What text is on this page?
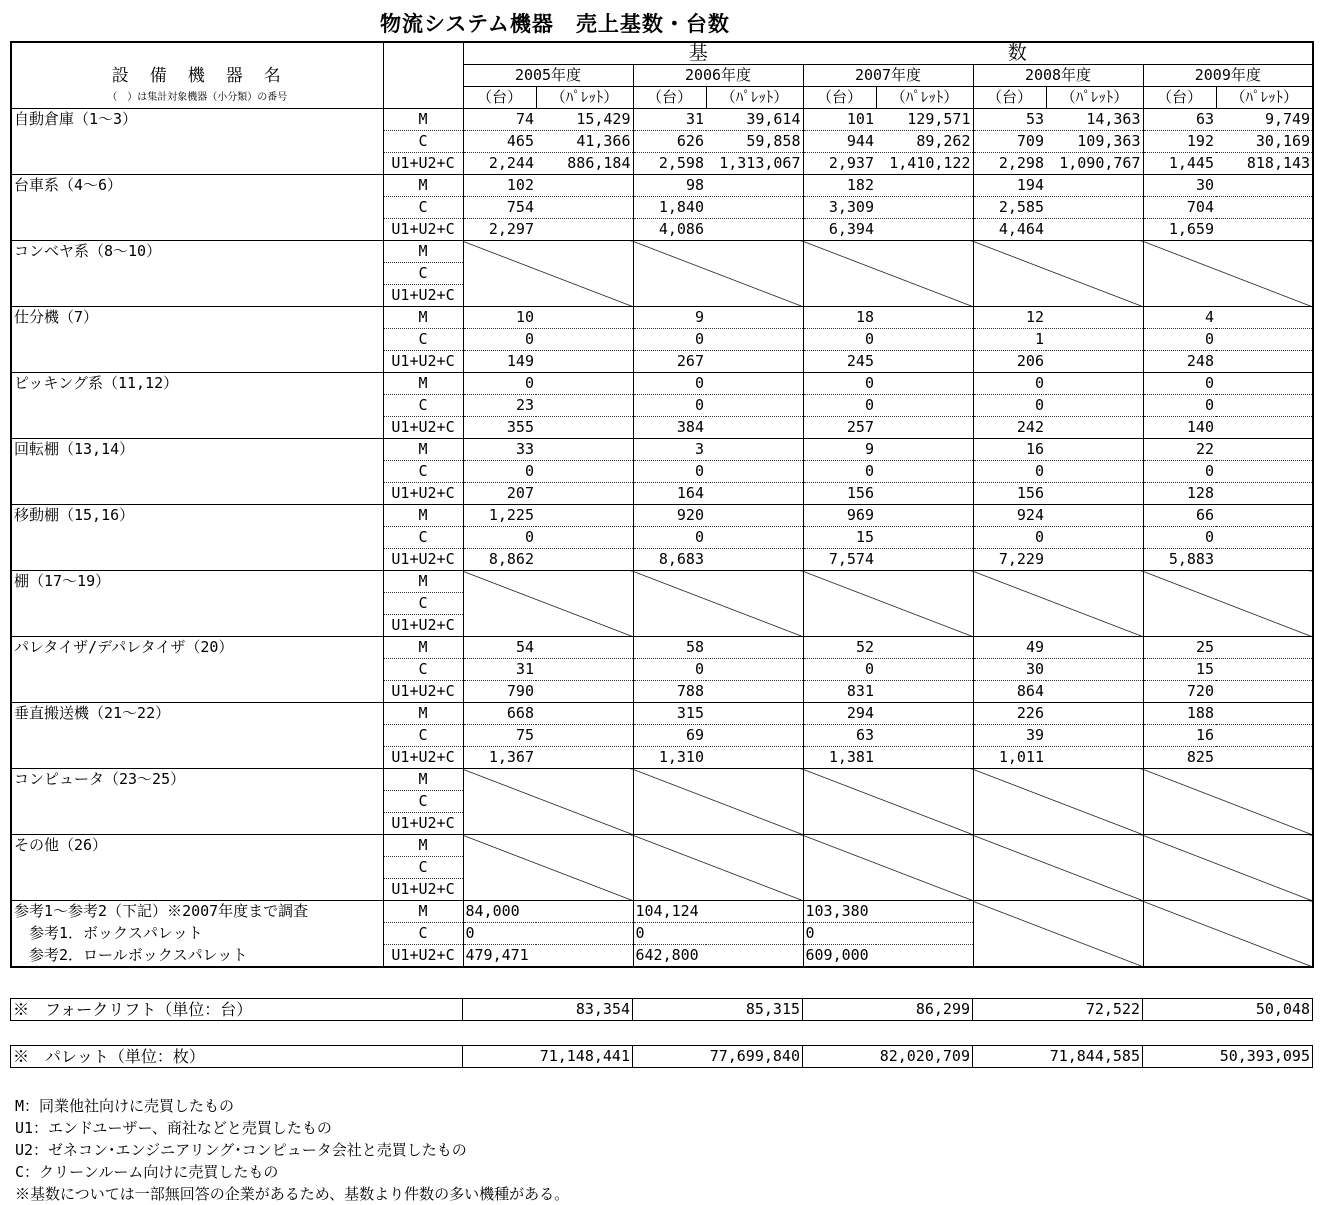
物流システム機器　売上基数・台数
設　備　機　器　名		基 数									
		2005年度		2006年度		2007年度		2008年度		2009年度	
（　）は集計対象機器（小分類）の番号		（台）	（ﾊﾟﾚｯﾄ）	（台）	（ﾊﾟﾚｯﾄ）	（台）	（ﾊﾟﾚｯﾄ）	（台）	（ﾊﾟﾚｯﾄ）	（台）	（ﾊﾟﾚｯﾄ）
自動倉庫（1～3）	M	74	15,429	31	39,614	101	129,571	53	14,363	63	9,749
	C	465	41,366	626	59,858	944	89,262	709	109,363	192	30,169
	U1+U2+C	2,244	886,184	2,598	1,313,067	2,937	1,410,122	2,298	1,090,767	1,445	818,143
台車系（4～6）	M	102		98		182		194		30	
	C	754		1,840		3,309		2,585		704	
	U1+U2+C	2,297		4,086		6,394		4,464		1,659	
コンベヤ系（8～10）	M										
	C										
	U1+U2+C										
仕分機（7）	M	10		9		18		12		4	
	C	0		0		0		1		0	
	U1+U2+C	149		267		245		206		248	
ピッキング系（11,12）	M	0		0		0		0		0	
	C	23		0		0		0		0	
	U1+U2+C	355		384		257		242		140	
回転棚（13,14）	M	33		3		9		16		22	
	C	0		0		0		0		0	
	U1+U2+C	207		164		156		156		128	
移動棚（15,16）	M	1,225		920		969		924		66	
	C	0		0		15		0		0	
	U1+U2+C	8,862		8,683		7,574		7,229		5,883	
棚（17～19）	M										
	C										
	U1+U2+C										
パレタイザ/デパレタイザ（20）	M	54		58		52		49		25	
	C	31		0		0		30		15	
	U1+U2+C	790		788		831		864		720	
垂直搬送機（21～22）	M	668		315		294		226		188	
	C	75		69		63		39		16	
	U1+U2+C	1,367		1,310		1,381		1,011		825	
コンピュータ（23～25）	M										
	C										
	U1+U2+C										
その他（26）	M										
	C										
	U1+U2+C										
参考1～参考2（下記）※2007年度まで調査	M	84,000		104,124		103,380					
　参考1．ボックスパレット	C	0		0		0					
　参考2．ロールボックスパレット	U1+U2+C	479,471		642,800		609,000					
※　フォークリフト（単位：台）	83,354	85,315	86,299	72,522	50,048
※　パレット（単位：枚）	71,148,441	77,699,840	82,020,709	71,844,585	50,393,095
M：同業他社向けに売買したもの
U1：エンドユーザー、商社などと売買したもの
U2：ゼネコン･エンジニアリング･コンピュータ会社と売買したもの
C：クリーンルーム向けに売買したもの
※基数については一部無回答の企業があるため、基数より件数の多い機種がある。
